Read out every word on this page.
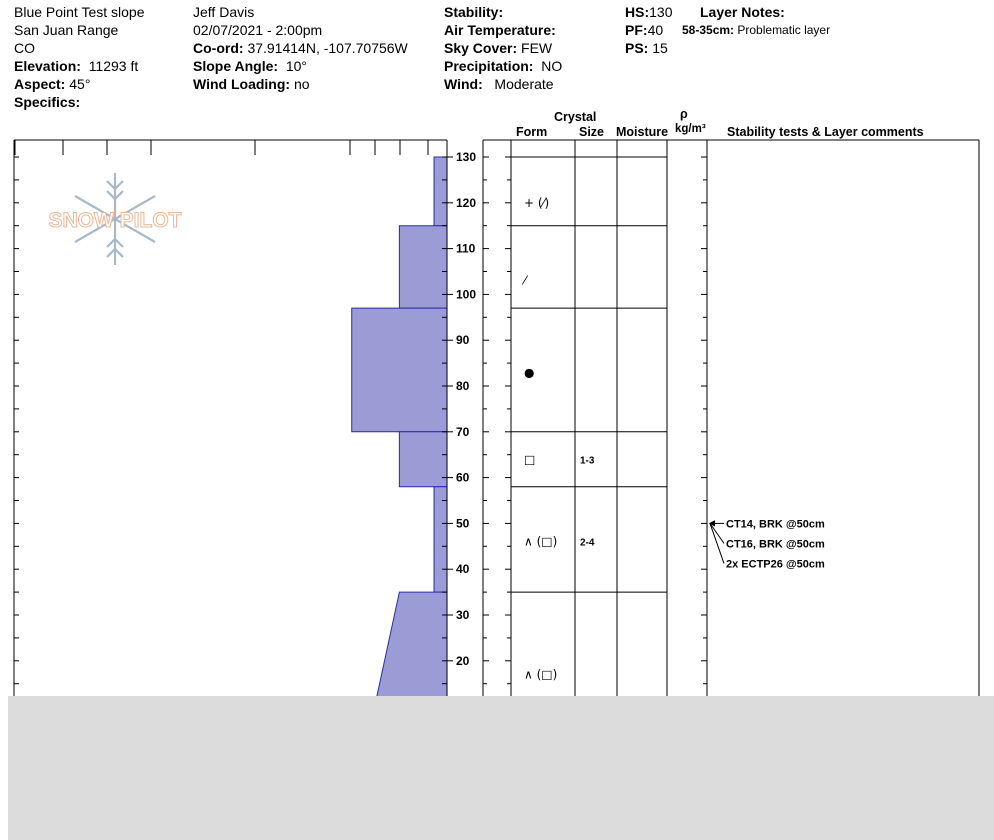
Blue Point Test slope
San Juan Range
CO
Elevation: 11293 ft
Aspect: 45°
Specifics:
Jeff Davis
02/07/2021 - 2:00pm
Co-ord: 37.91414N, -107.70756W
Slope Angle: 10°
Wind Loading: no
Stability:
Air Temperature:
Sky Cover: FEW
Precipitation: NO
Wind: Moderate
HS:130
PF:40
PS: 15
Layer Notes:
58-35cm: Problematic layer
Crystal
Form	Size Moisture
ρ
kg/m³ Stability tests & Layer comments
20
30
40
50
60
70
80
90
100
110
120
130
+ (⁄)
⁄
●
□	1-3
∧ (□) 2-4
∧ (□)
CT14, BRK @50cm
CT16, BRK @50cm
2x ECTP26 @50cm
SNOW PILOT
